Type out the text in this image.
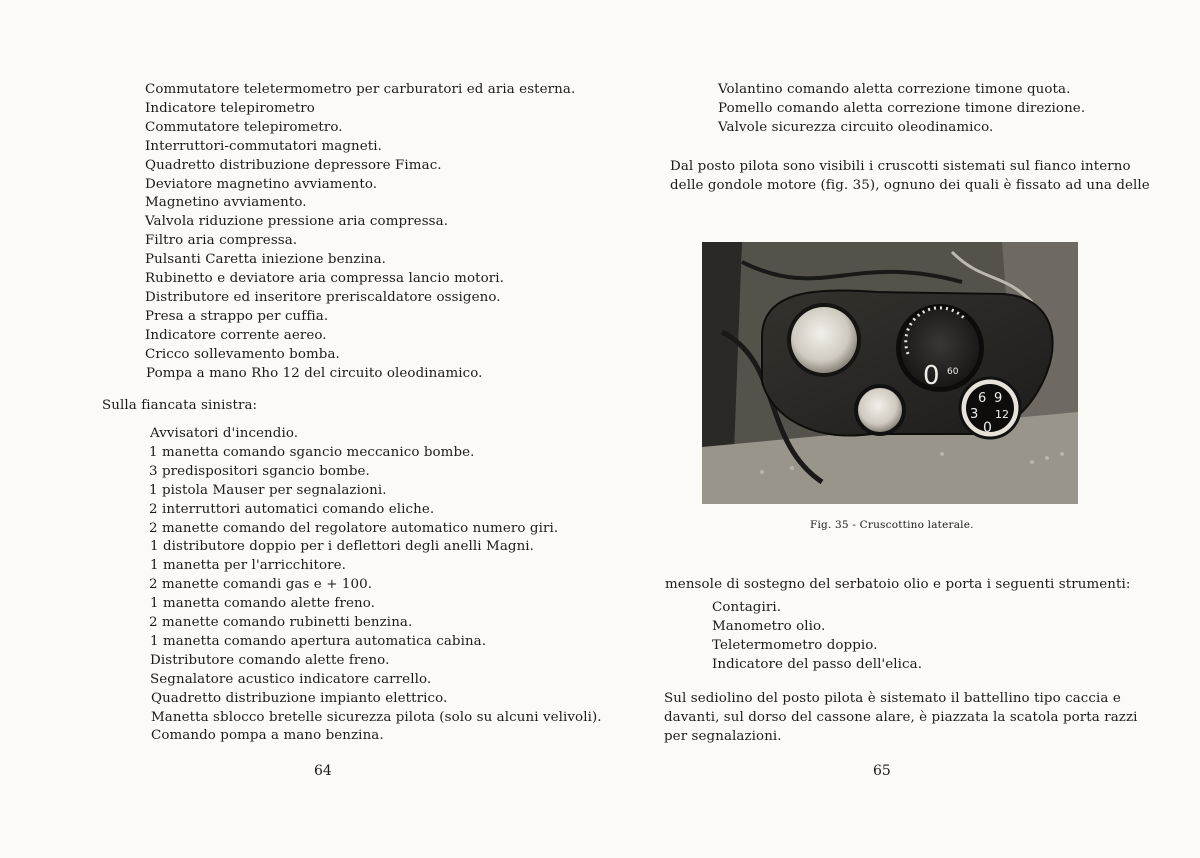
Commutatore teletermometro per carburatori ed aria esterna.
Indicatore telepirometro
Commutatore telepirometro.
Interruttori-commutatori magneti.
Quadretto distribuzione depressore Fimac.
Deviatore magnetino avviamento.
Magnetino avviamento.
Valvola riduzione pressione aria compressa.
Filtro aria compressa.
Pulsanti Caretta iniezione benzina.
Rubinetto e deviatore aria compressa lancio motori.
Distributore ed inseritore preriscaldatore ossigeno.
Presa a strappo per cuffia.
Indicatore corrente aereo.
Cricco sollevamento bomba.
Pompa a mano Rho 12 del circuito oleodinamico.
Sulla fiancata sinistra:
Avvisatori d'incendio.
1 manetta comando sgancio meccanico bombe.
3 predispositori sgancio bombe.
1 pistola Mauser per segnalazioni.
2 interruttori automatici comando eliche.
2 manette comando del regolatore automatico numero giri.
1 distributore doppio per i deflettori degli anelli Magni.
1 manetta per l'arricchitore.
2 manette comandi gas e + 100.
1 manetta comando alette freno.
2 manette comando rubinetti benzina.
1 manetta comando apertura automatica cabina.
Distributore comando alette freno.
Segnalatore acustico indicatore carrello.
Quadretto distribuzione impianto elettrico.
Manetta sblocco bretelle sicurezza pilota (solo su alcuni velivoli).
Comando pompa a mano benzina.
64
Volantino comando aletta correzione timone quota.
Pomello comando aletta correzione timone direzione.
Valvole sicurezza circuito oleodinamico.
Dal posto pilota sono visibili i cruscotti sistemati sul fianco interno
delle gondole motore (fig. 35), ognuno dei quali è fissato ad una delle
Fig. 35 - Cruscottino laterale.
mensole di sostegno del serbatoio olio e porta i seguenti strumenti:
Contagiri.
Manometro olio.
Teletermometro doppio.
Indicatore del passo dell'elica.
Sul sediolino del posto pilota è sistemato il battellino tipo caccia e
davanti, sul dorso del cassone alare, è piazzata la scatola porta razzi
per segnalazioni.
65
0 60
6 9
3 12
0
